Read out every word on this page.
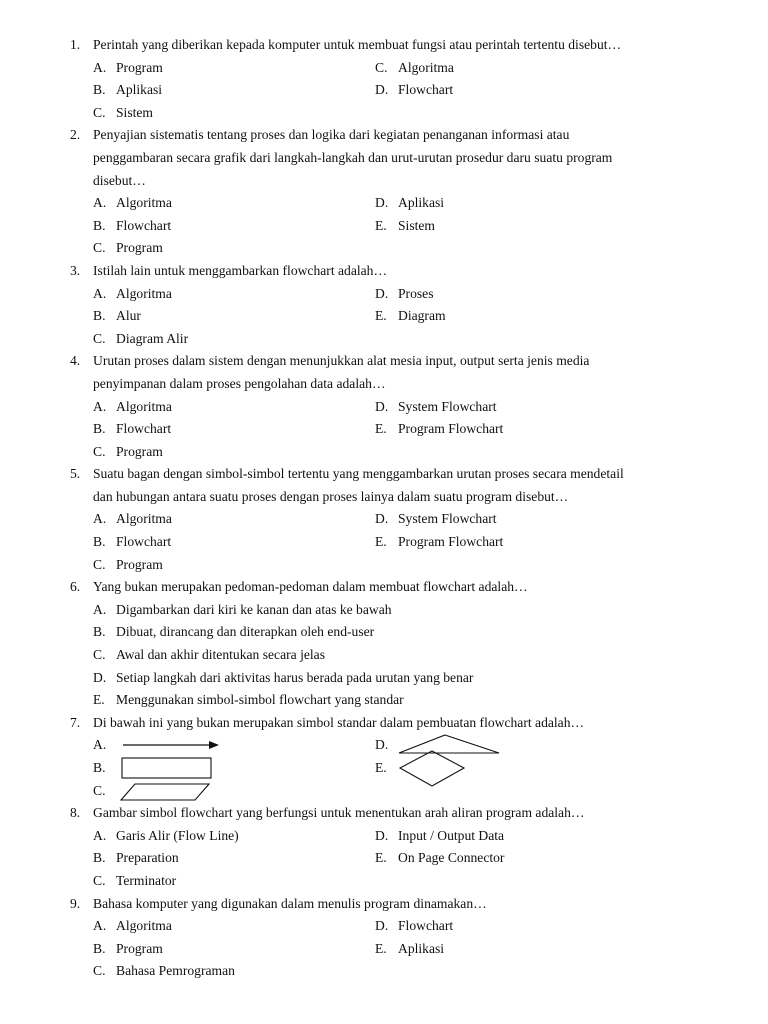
1. Perintah yang diberikan kepada komputer untuk membuat fungsi atau perintah tertentu disebut…
A. Program	C. Algoritma
B. Aplikasi	D. Flowchart
C. Sistem
2. Penyajian sistematis tentang proses dan logika dari kegiatan penanganan informasi atau
penggambaran secara grafik dari langkah-langkah dan urut-urutan prosedur daru suatu program
disebut…
A. Algoritma	D. Aplikasi
B. Flowchart	E. Sistem
C. Program
3. Istilah lain untuk menggambarkan flowchart adalah…
A. Algoritma	D. Proses
B. Alur	E. Diagram
C. Diagram Alir
4. Urutan proses dalam sistem dengan menunjukkan alat mesia input, output serta jenis media
penyimpanan dalam proses pengolahan data adalah…
A. Algoritma	D. System Flowchart
B. Flowchart	E. Program Flowchart
C. Program
5. Suatu bagan dengan simbol-simbol tertentu yang menggambarkan urutan proses secara mendetail
dan hubungan antara suatu proses dengan proses lainya dalam suatu program disebut…
A. Algoritma	D. System Flowchart
B. Flowchart	E. Program Flowchart
C. Program
6. Yang bukan merupakan pedoman-pedoman dalam membuat flowchart adalah…
A. Digambarkan dari kiri ke kanan dan atas ke bawah
B. Dibuat, dirancang dan diterapkan oleh end-user
C. Awal dan akhir ditentukan secara jelas
D. Setiap langkah dari aktivitas harus berada pada urutan yang benar
E. Menggunakan simbol-simbol flowchart yang standar
7. Di bawah ini yang bukan merupakan simbol standar dalam pembuatan flowchart adalah…
A.	D.
B.	E.
C.
8. Gambar simbol flowchart yang berfungsi untuk menentukan arah aliran program adalah…
A. Garis Alir (Flow Line)	D. Input / Output Data
B. Preparation	E. On Page Connector
C. Terminator
9. Bahasa komputer yang digunakan dalam menulis program dinamakan…
A. Algoritma	D. Flowchart
B. Program	E. Aplikasi
C. Bahasa Pemrograman
